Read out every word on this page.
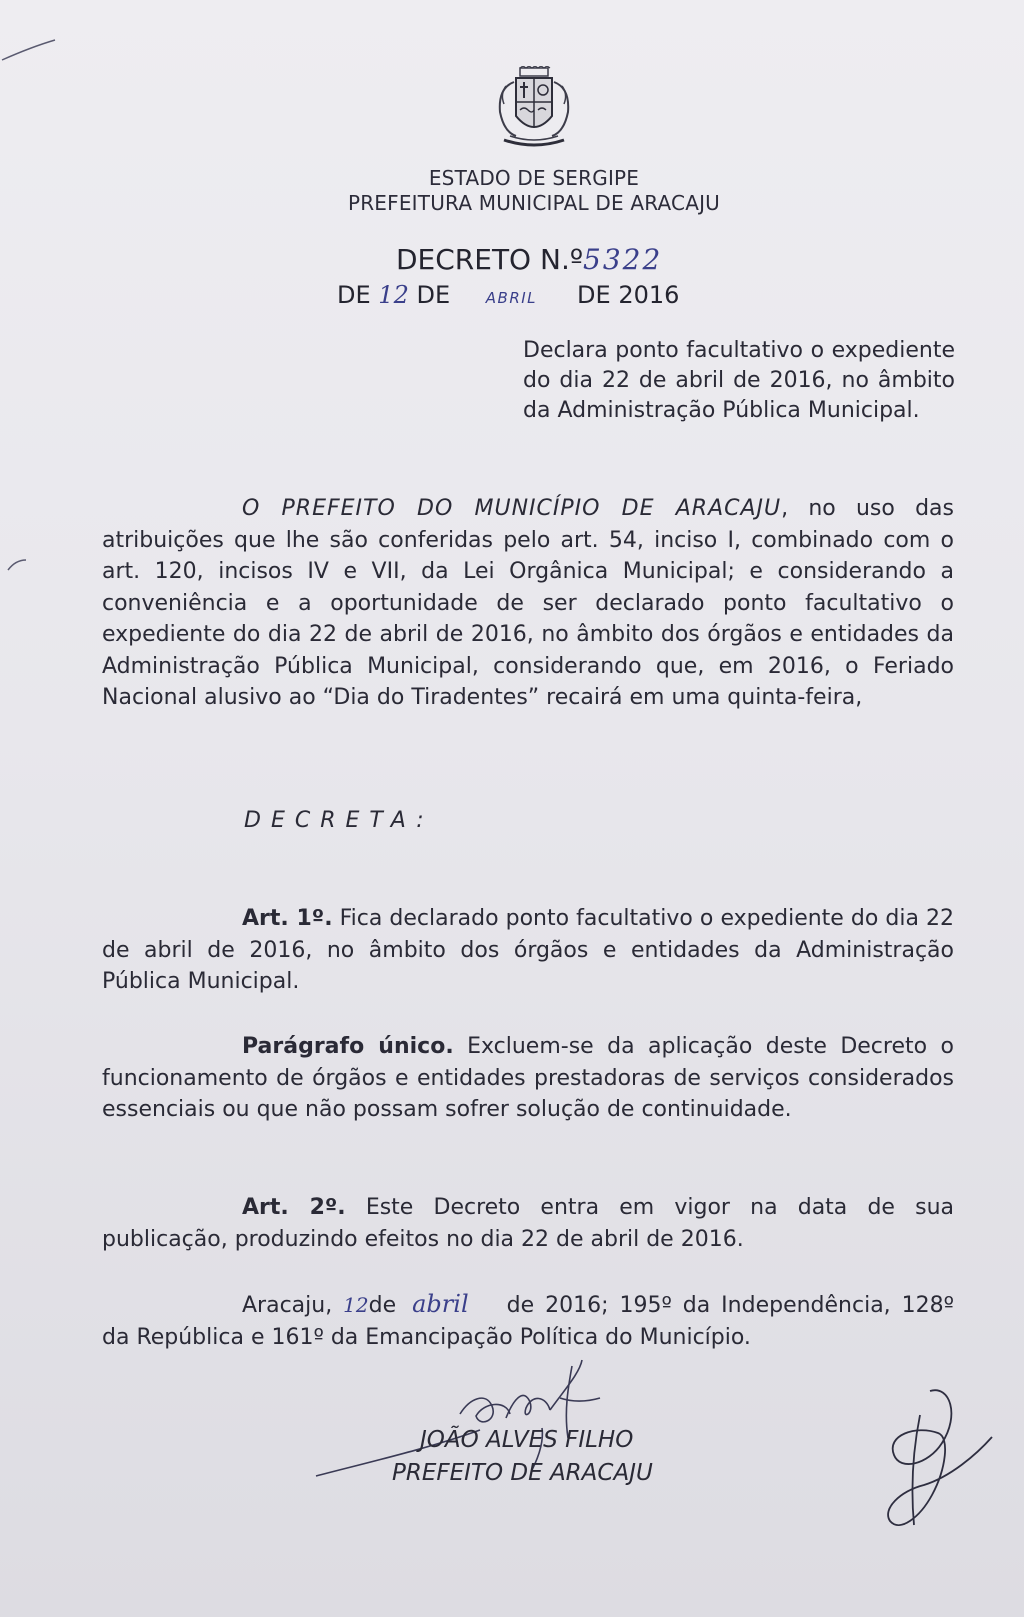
ESTADO DE SERGIPE
PREFEITURA MUNICIPAL DE ARACAJU
DECRETO N.º5322
DE 12 DE ABRIL DE 2016
Declara ponto facultativo o expediente do dia 22 de abril de 2016, no âmbito da Administração Pública Municipal.
O PREFEITO DO MUNICÍPIO DE ARACAJU, no uso das atribuições que lhe são conferidas pelo art. 54, inciso I, combinado com o art. 120, incisos IV e VII, da Lei Orgânica Municipal; e considerando a conveniência e a oportunidade de ser declarado ponto facultativo o expediente do dia 22 de abril de 2016, no âmbito dos órgãos e entidades da Administração Pública Municipal, considerando que, em 2016, o Feriado Nacional alusivo ao “Dia do Tiradentes” recairá em uma quinta-feira,
DECRETA:
Art. 1º. Fica declarado ponto facultativo o expediente do dia 22 de abril de 2016, no âmbito dos órgãos e entidades da Administração Pública Municipal.
Parágrafo único. Excluem-se da aplicação deste Decreto o funcionamento de órgãos e entidades prestadoras de serviços considerados essenciais ou que não possam sofrer solução de continuidade.
Art. 2º. Este Decreto entra em vigor na data de sua publicação, produzindo efeitos no dia 22 de abril de 2016.
Aracaju, 12de abril de 2016; 195º da Independência, 128º da República e 161º da Emancipação Política do Município.
JOÃO ALVES FILHO
PREFEITO DE ARACAJU
